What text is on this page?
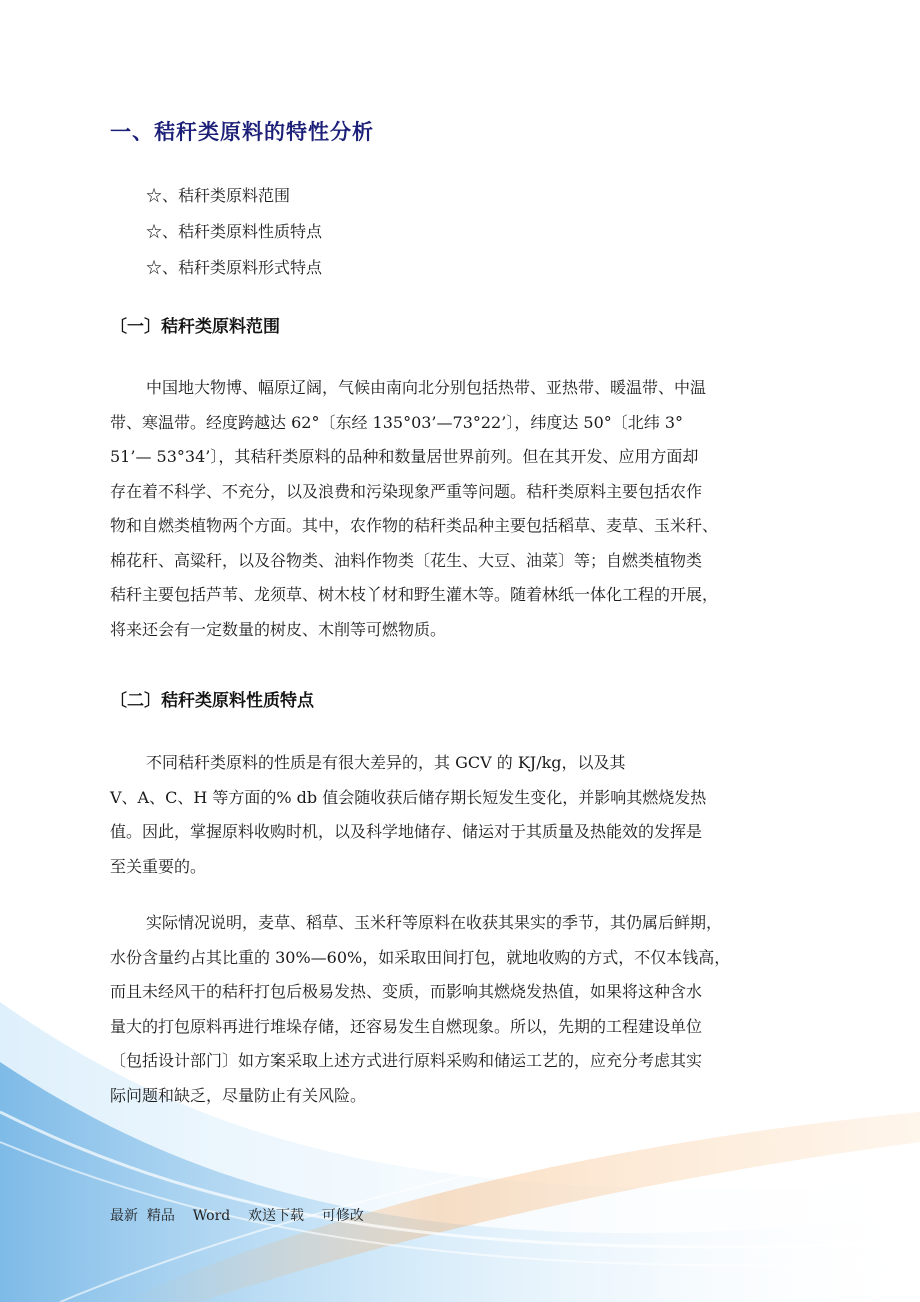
一、秸秆类原料的特性分析
☆、秸秆类原料范围
☆、秸秆类原料性质特点
☆、秸秆类原料形式特点
〔一〕秸秆类原料范围
中国地大物博、幅原辽阔，气候由南向北分别包括热带、亚热带、暖温带、中温
带、寒温带。经度跨越达 62°〔东经 135°03’—73°22’〕，纬度达 50°〔北纬 3°
51’— 53°34’〕，其秸秆类原料的品种和数量居世界前列。但在其开发、应用方面却
存在着不科学、不充分，以及浪费和污染现象严重等问题。秸秆类原料主要包括农作
物和自燃类植物两个方面。其中，农作物的秸秆类品种主要包括稻草、麦草、玉米秆、
棉花秆、高粱秆，以及谷物类、油料作物类〔花生、大豆、油菜〕等；自燃类植物类
秸秆主要包括芦苇、龙须草、树木枝丫材和野生灌木等。随着林纸一体化工程的开展，
将来还会有一定数量的树皮、木削等可燃物质。
〔二〕秸秆类原料性质特点
不同秸秆类原料的性质是有很大差异的，其 GCV 的 KJ/kg，以及其
V、A、C、H 等方面的% db 值会随收获后储存期长短发生变化，并影响其燃烧发热
值。因此，掌握原料收购时机，以及科学地储存、储运对于其质量及热能效的发挥是
至关重要的。
实际情况说明，麦草、稻草、玉米秆等原料在收获其果实的季节，其仍属后鲜期，
水份含量约占其比重的 30%—60%，如采取田间打包，就地收购的方式，不仅本钱高，
而且未经风干的秸秆打包后极易发热、变质，而影响其燃烧发热值，如果将这种含水
量大的打包原料再进行堆垛存储，还容易发生自燃现象。所以，先期的工程建设单位
〔包括设计部门〕如方案采取上述方式进行原料采购和储运工艺的，应充分考虑其实
际问题和缺乏，尽量防止有关风险。
最新  精品    Word    欢送下载    可修改
